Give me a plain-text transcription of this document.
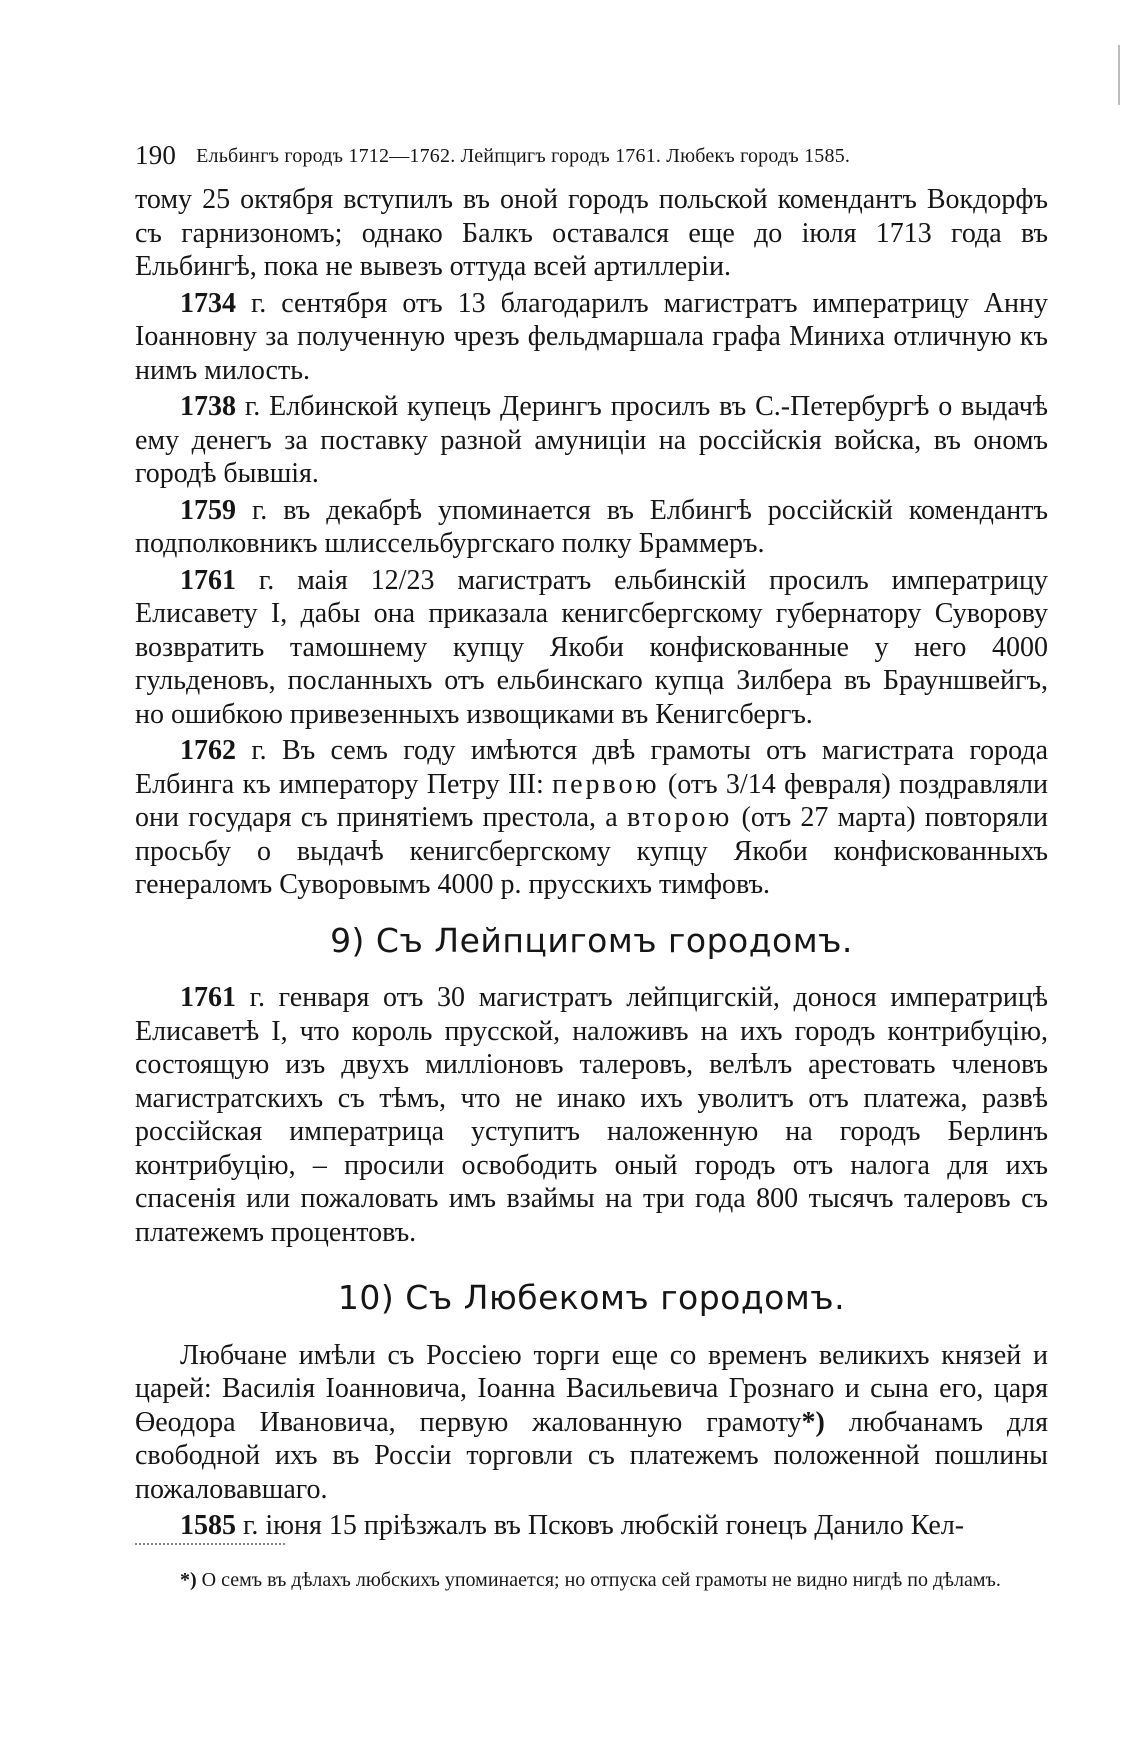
190 Ельбингъ городъ 1712—1762. Лейпцигъ городъ 1761. Любекъ городъ 1585.

тому 25 октября вступилъ въ оной городъ польской комендантъ Вокдорфъ съ гарнизономъ; однако Балкъ оставался еще до іюля 1713 года въ Ельбингѣ, пока не вывезъ оттуда всей артиллеріи.

1734 г. сентября отъ 13 благодарилъ магистратъ императрицу Анну Іоанновну за полученную чрезъ фельдмаршала графа Миниха отличную къ нимъ милость.

1738 г. Елбинской купецъ Дерингъ просилъ въ С.-Петербургѣ о выдачѣ ему денегъ за поставку разной амуниціи на россійскія войска, въ ономъ городѣ бывшія.

1759 г. въ декабрѣ упоминается въ Елбингѣ россійскій комендантъ подполковникъ шлиссельбургскаго полку Браммеръ.

1761 г. маія 12/23 магистратъ ельбинскій просилъ императрицу Елисавету I, дабы она приказала кенигсбергскому губернатору Суворову возвратить тамошнему купцу Якоби конфискованные у него 4000 гульденовъ, посланныхъ отъ ельбинскаго купца Зилбера въ Брауншвейгъ, но ошибкою привезенныхъ извощиками въ Кенигсбергъ.

1762 г. Въ семъ году имѣются двѣ грамоты отъ магистрата города Елбинга къ императору Петру III: первою (отъ 3/14 февраля) поздравляли они государя съ принятіемъ престола, а второю (отъ 27 марта) повторяли просьбу о выдачѣ кенигсбергскому купцу Якоби конфискованныхъ генераломъ Суворовымъ 4000 р. прусскихъ тимфовъ.

9) Съ Лейпцигомъ городомъ.

1761 г. генваря отъ 30 магистратъ лейпцигскій, донося императрицѣ Елисаветѣ I, что король прусской, наложивъ на ихъ городъ контрибуцію, состоящую изъ двухъ милліоновъ талеровъ, велѣлъ арестовать членовъ магистратскихъ съ тѣмъ, что не инако ихъ уволитъ отъ платежа, развѣ россійская императрица уступитъ наложенную на городъ Берлинъ контрибуцію, – просили освободить оный городъ отъ налога для ихъ спасенія или пожаловать имъ взаймы на три года 800 тысячъ талеровъ съ платежемъ процентовъ.

10) Съ Любекомъ городомъ.

Любчане имѣли съ Россіею торги еще со временъ великихъ князей и царей: Василія Іоанновича, Іоанна Васильевича Грознаго и сына его, царя Өеодора Ивановича, первую жалованную грамоту*) любчанамъ для свободной ихъ въ Россіи торговли съ платежемъ положенной пошлины пожаловавшаго.

1585 г. іюня 15 пріѣзжалъ въ Псковъ любскій гонецъ Данило Кел-

*) О семъ въ дѣлахъ любскихъ упоминается; но отпуска сей грамоты не видно нигдѣ по дѣламъ.
